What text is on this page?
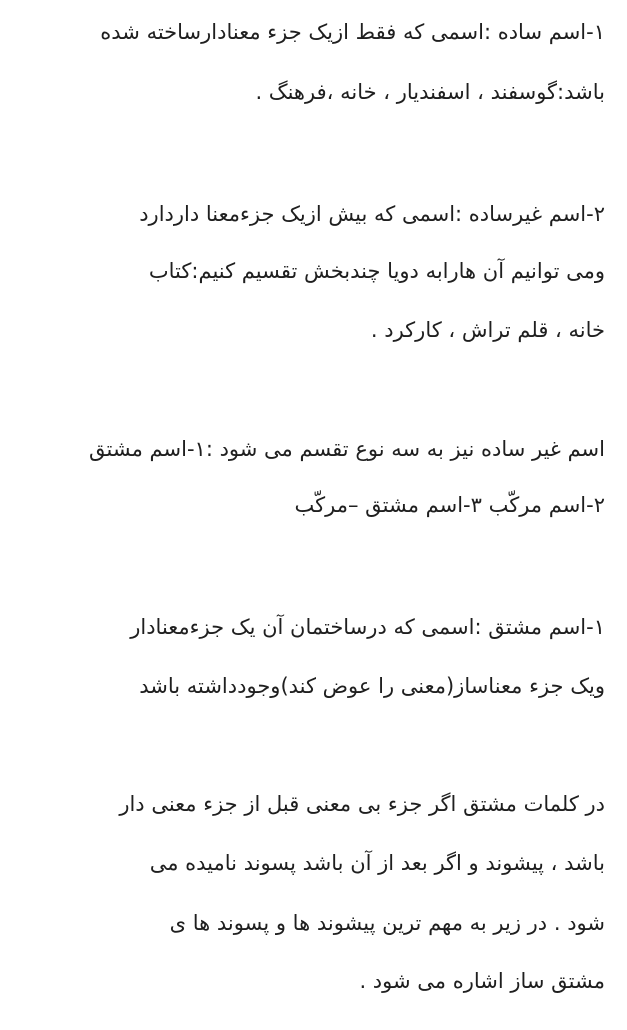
۱-اسم ساده :اسمی که فقط ازیک جزء معنادارساخته شده
باشد:گوسفند ، اسفندیار ، خانه ،فرهنگ .
۲-اسم غیرساده :اسمی که بیش ازیک جزءمعنا داردارد
ومی توانیم آن هارابه دویا چندبخش تقسیم کنیم:کتاب
خانه ، قلم تراش ، کارکرد .
اسم غیر ساده نیز به سه نوع تقسم می شود :۱-اسم مشتق
۲-اسم مرکّب ۳-اسم مشتق –مرکّب
۱-اسم مشتق :اسمی که درساختمان آن یک جزءمعنادار
ویک جزء معناساز(معنی را عوض کند)وجودداشته باشد
در کلمات مشتق اگر جزء بی معنی قبل از جزء معنی دار
باشد ، پیشوند و اگر بعد از آن باشد پسوند نامیده می
شود . در زیر به مهم ترین پیشوند ها و پسوند ها ی
مشتق ساز اشاره می شود .
